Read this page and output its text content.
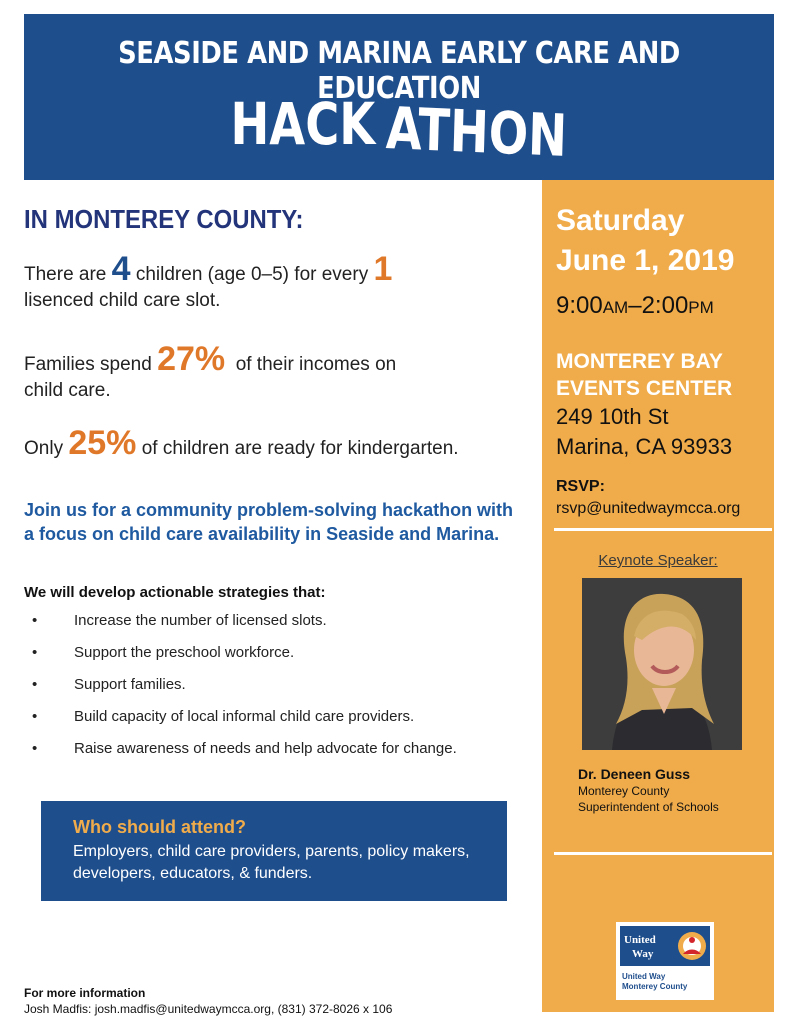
SEASIDE AND MARINA EARLY CARE AND EDUCATION
HACK ATHON
IN MONTEREY COUNTY:
There are 4 children (age 0–5) for every 1
lisenced child care slot.
Families spend 27% of their incomes on
child care.
Only 25% of children are ready for kindergarten.
Join us for a community problem-solving hackathon with a focus on child care availability in Seaside and Marina.
We will develop actionable strategies that:
• Increase the number of licensed slots.
• Support the preschool workforce.
• Support families.
• Build capacity of local informal child care providers.
• Raise awareness of needs and help advocate for change.
Who should attend?
Employers, child care providers, parents, policy makers, developers, educators, & funders.
For more information
Josh Madfis: josh.madfis@unitedwaymcca.org, (831) 372-8026 x 106
Saturday
June 1, 2019
9:00AM–2:00PM
MONTEREY BAY EVENTS CENTER
249 10th St
Marina, CA 93933
RSVP:
rsvp@unitedwaymcca.org
Keynote Speaker:
Dr. Deneen Guss
Monterey County
Superintendent of Schools
United
Way
United Way
Monterey County
